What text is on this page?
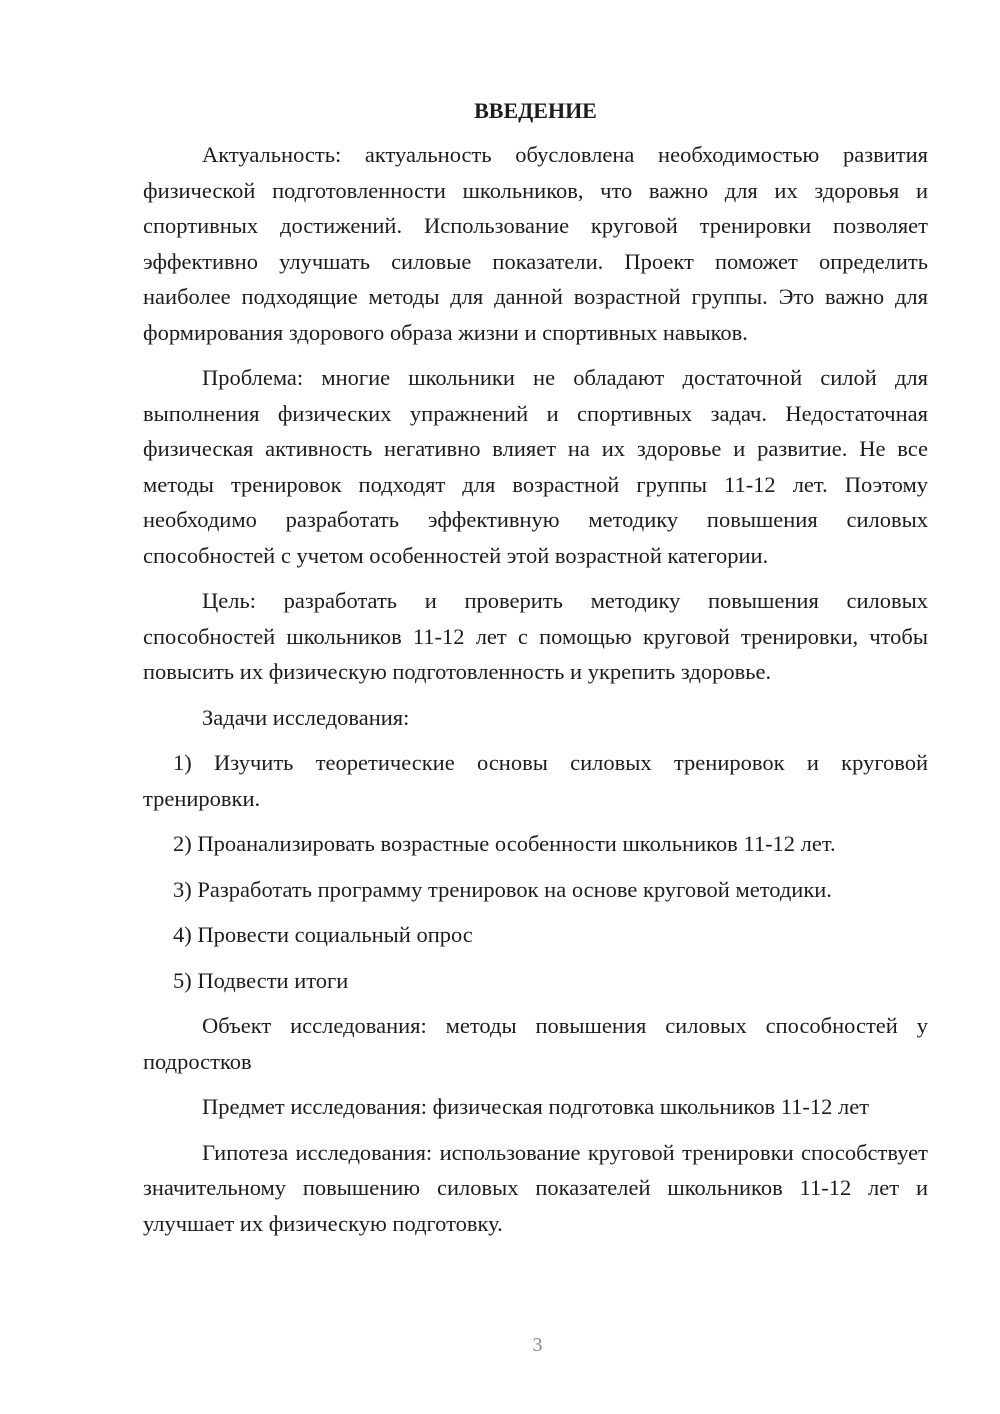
ВВЕДЕНИЕ

Актуальность: актуальность обусловлена необходимостью развития физической подготовленности школьников, что важно для их здоровья и спортивных достижений. Использование круговой тренировки позволяет эффективно улучшать силовые показатели. Проект поможет определить наиболее подходящие методы для данной возрастной группы. Это важно для формирования здорового образа жизни и спортивных навыков.

Проблема: многие школьники не обладают достаточной силой для выполнения физических упражнений и спортивных задач. Недостаточная физическая активность негативно влияет на их здоровье и развитие. Не все методы тренировок подходят для возрастной группы 11-12 лет. Поэтому необходимо разработать эффективную методику повышения силовых способностей с учетом особенностей этой возрастной категории.

Цель: разработать и проверить методику повышения силовых способностей школьников 11-12 лет с помощью круговой тренировки, чтобы повысить их физическую подготовленность и укрепить здоровье.

Задачи исследования:

1) Изучить теоретические основы силовых тренировок и круговой тренировки.

2) Проанализировать возрастные особенности школьников 11-12 лет.

3) Разработать программу тренировок на основе круговой методики.

4) Провести социальный опрос

5) Подвести итоги

Объект исследования: методы повышения силовых способностей у подростков

Предмет исследования: физическая подготовка школьников 11-12 лет

Гипотеза исследования: использование круговой тренировки способствует значительному повышению силовых показателей школьников 11-12 лет и улучшает их физическую подготовку.

3
